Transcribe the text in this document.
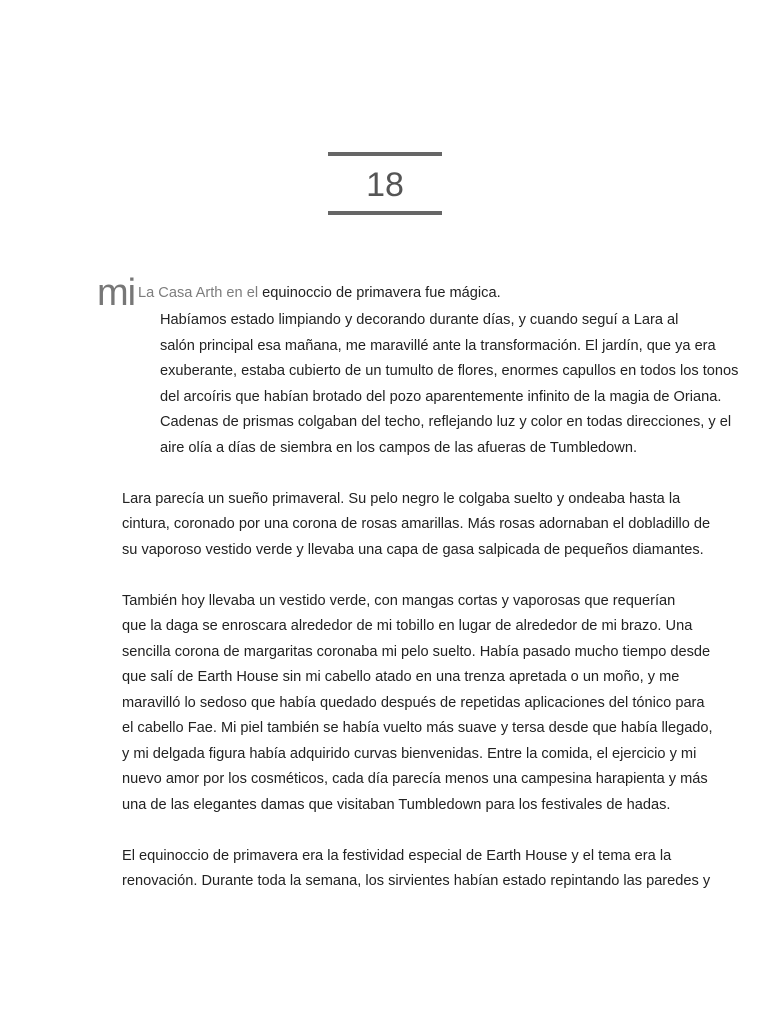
18
mi La Casa Arth en el equinoccio de primavera fue mágica.
Habíamos estado limpiando y decorando durante días, y cuando seguí a Lara al
salón principal esa mañana, me maravillé ante la transformación. El jardín, que ya era
exuberante, estaba cubierto de un tumulto de flores, enormes capullos en todos los tonos
del arcoíris que habían brotado del pozo aparentemente infinito de la magia de Oriana.
Cadenas de prismas colgaban del techo, reflejando luz y color en todas direcciones, y el
aire olía a días de siembra en los campos de las afueras de Tumbledown.
Lara parecía un sueño primaveral. Su pelo negro le colgaba suelto y ondeaba hasta la
cintura, coronado por una corona de rosas amarillas. Más rosas adornaban el dobladillo de
su vaporoso vestido verde y llevaba una capa de gasa salpicada de pequeños diamantes.
También hoy llevaba un vestido verde, con mangas cortas y vaporosas que requerían
que la daga se enroscara alrededor de mi tobillo en lugar de alrededor de mi brazo. Una
sencilla corona de margaritas coronaba mi pelo suelto. Había pasado mucho tiempo desde
que salí de Earth House sin mi cabello atado en una trenza apretada o un moño, y me
maravilló lo sedoso que había quedado después de repetidas aplicaciones del tónico para
el cabello Fae. Mi piel también se había vuelto más suave y tersa desde que había llegado,
y mi delgada figura había adquirido curvas bienvenidas. Entre la comida, el ejercicio y mi
nuevo amor por los cosméticos, cada día parecía menos una campesina harapienta y más
una de las elegantes damas que visitaban Tumbledown para los festivales de hadas.
El equinoccio de primavera era la festividad especial de Earth House y el tema era la
renovación. Durante toda la semana, los sirvientes habían estado repintando las paredes y
